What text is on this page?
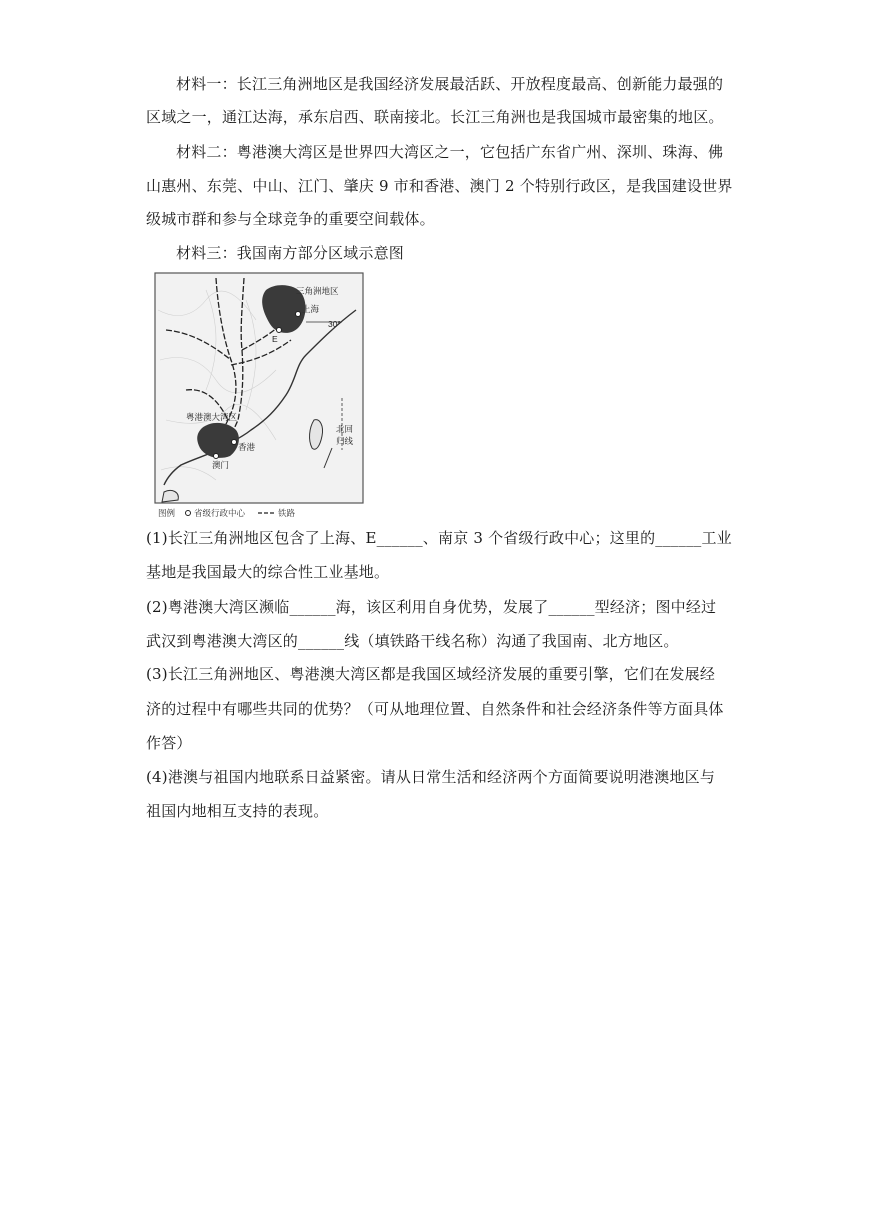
材料一：长江三角洲地区是我国经济发展最活跃、开放程度最高、创新能力最强的
区域之一，通江达海，承东启西、联南接北。长江三角洲也是我国城市最密集的地区。
材料二：粤港澳大湾区是世界四大湾区之一，它包括广东省广州、深圳、珠海、佛
山惠州、东莞、中山、江门、肇庆 9 市和香港、澳门 2 个特别行政区，是我国建设世界
级城市群和参与全球竞争的重要空间载体。
材料三：我国南方部分区域示意图
三角洲地区
上海
30°
E
粤港澳大湾区
香港
澳门
北回
归线
图例 省级行政中心	铁路
(1)长江三角洲地区包含了上海、E______、南京 3 个省级行政中心；这里的______工业
基地是我国最大的综合性工业基地。
(2)粤港澳大湾区濒临______海，该区利用自身优势，发展了______型经济；图中经过
武汉到粤港澳大湾区的______线（填铁路干线名称）沟通了我国南、北方地区。
(3)长江三角洲地区、粤港澳大湾区都是我国区域经济发展的重要引擎，它们在发展经
济的过程中有哪些共同的优势？（可从地理位置、自然条件和社会经济条件等方面具体
作答）
(4)港澳与祖国内地联系日益紧密。请从日常生活和经济两个方面简要说明港澳地区与
祖国内地相互支持的表现。
